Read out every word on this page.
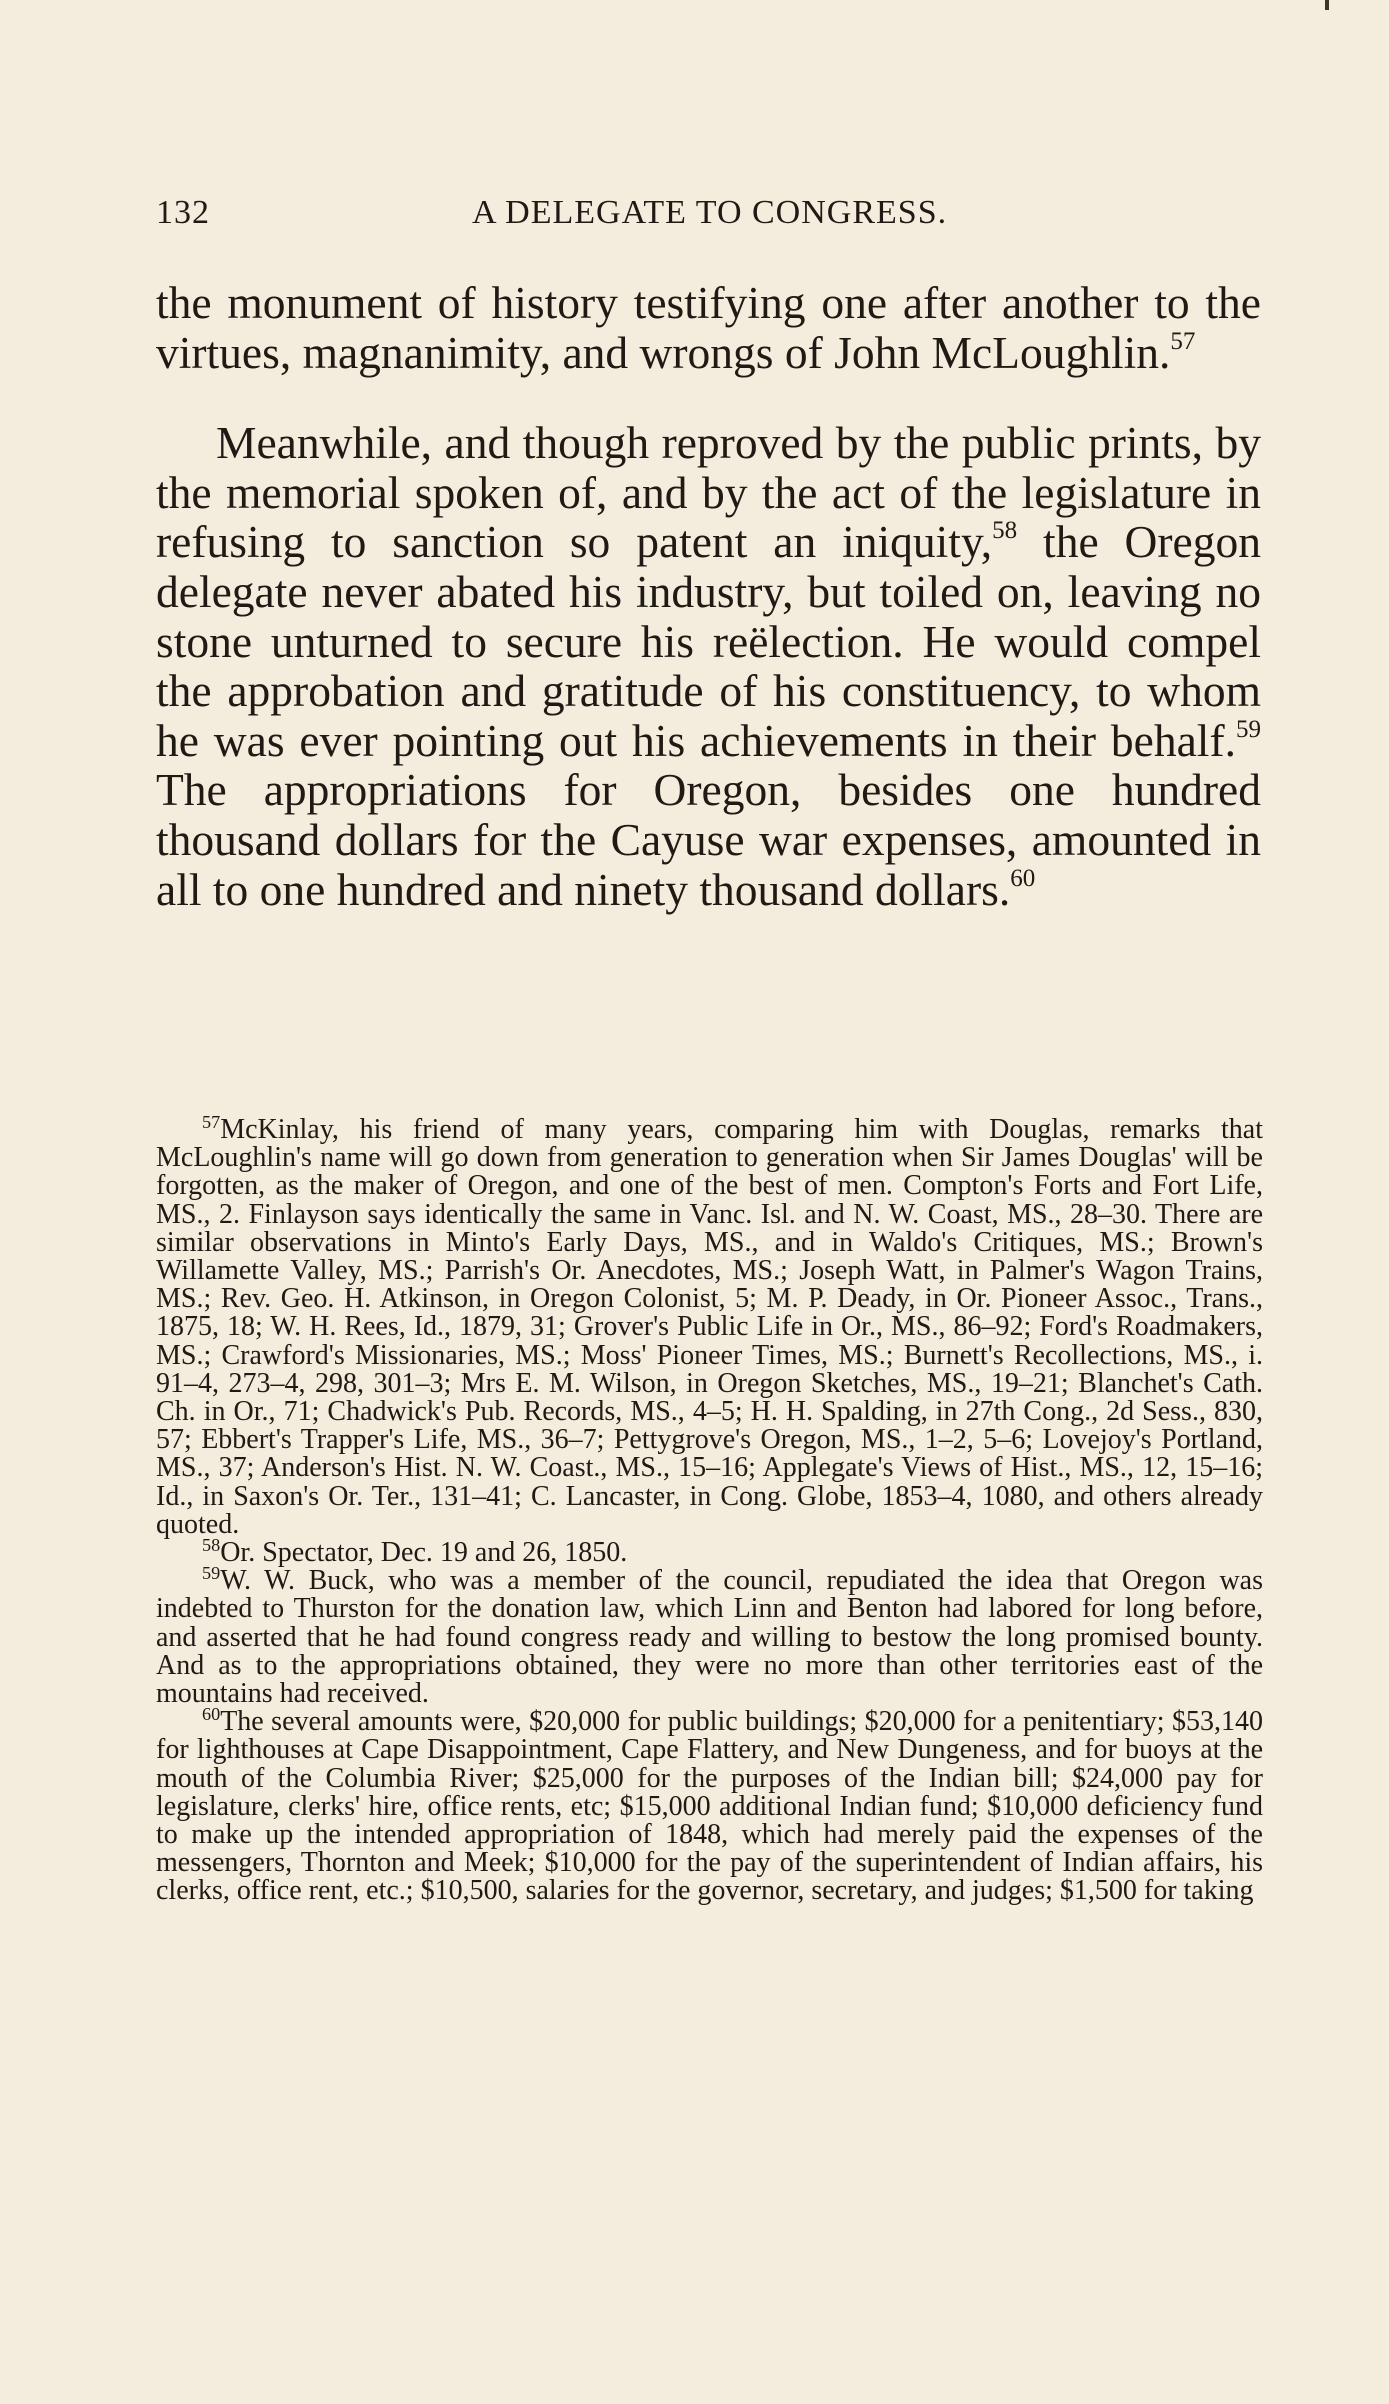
132	A DELEGATE TO CONGRESS.

the monument of history testifying one after another to the virtues, magnanimity, and wrongs of John McLoughlin.$^{57}$

Meanwhile, and though reproved by the public prints, by the memorial spoken of, and by the act of the legislature in refusing to sanction so patent an iniquity,$^{58}$ the Oregon delegate never abated his industry, but toiled on, leaving no stone unturned to secure his reëlection. He would compel the approbation and gratitude of his constituency, to whom he was ever pointing out his achievements in their behalf.$^{59}$ The appropriations for Oregon, besides one hundred thousand dollars for the Cayuse war expenses, amounted in all to one hundred and ninety thousand dollars.$^{60}$

$^{57}$McKinlay, his friend of many years, comparing him with Douglas, remarks that McLoughlin's name will go down from generation to generation when Sir James Douglas' will be forgotten, as the maker of Oregon, and one of the best of men. Compton's Forts and Fort Life, MS., 2. Finlayson says identically the same in Vanc. Isl. and N. W. Coast, MS., 28–30. There are similar observations in Minto's Early Days, MS., and in Waldo's Critiques, MS.; Brown's Willamette Valley, MS.; Parrish's Or. Anecdotes, MS.; Joseph Watt, in Palmer's Wagon Trains, MS.; Rev. Geo. H. Atkinson, in Oregon Colonist, 5; M. P. Deady, in Or. Pioneer Assoc., Trans., 1875, 18; W. H. Rees, Id., 1879, 31; Grover's Public Life in Or., MS., 86–92; Ford's Roadmakers, MS.; Crawford's Missionaries, MS.; Moss' Pioneer Times, MS.; Burnett's Recollections, MS., i. 91–4, 273–4, 298, 301–3; Mrs E. M. Wilson, in Oregon Sketches, MS., 19–21; Blanchet's Cath. Ch. in Or., 71; Chadwick's Pub. Records, MS., 4–5; H. H. Spalding, in 27th Cong., 2d Sess., 830, 57; Ebbert's Trapper's Life, MS., 36–7; Pettygrove's Oregon, MS., 1–2, 5–6; Lovejoy's Portland, MS., 37; Anderson's Hist. N. W. Coast., MS., 15–16; Applegate's Views of Hist., MS., 12, 15–16; Id., in Saxon's Or. Ter., 131–41; C. Lancaster, in Cong. Globe, 1853–4, 1080, and others already quoted.

$^{58}$Or. Spectator, Dec. 19 and 26, 1850.

$^{59}$W. W. Buck, who was a member of the council, repudiated the idea that Oregon was indebted to Thurston for the donation law, which Linn and Benton had labored for long before, and asserted that he had found congress ready and willing to bestow the long promised bounty. And as to the appropriations obtained, they were no more than other territories east of the mountains had received.

$^{60}$The several amounts were, $20,000 for public buildings; $20,000 for a penitentiary; $53,140 for lighthouses at Cape Disappointment, Cape Flattery, and New Dungeness, and for buoys at the mouth of the Columbia River; $25,000 for the purposes of the Indian bill; $24,000 pay for legislature, clerks' hire, office rents, etc; $15,000 additional Indian fund; $10,000 deficiency fund to make up the intended appropriation of 1848, which had merely paid the expenses of the messengers, Thornton and Meek; $10,000 for the pay of the superintendent of Indian affairs, his clerks, office rent, etc.; $10,500, salaries for the governor, secretary, and judges; $1,500 for taking
